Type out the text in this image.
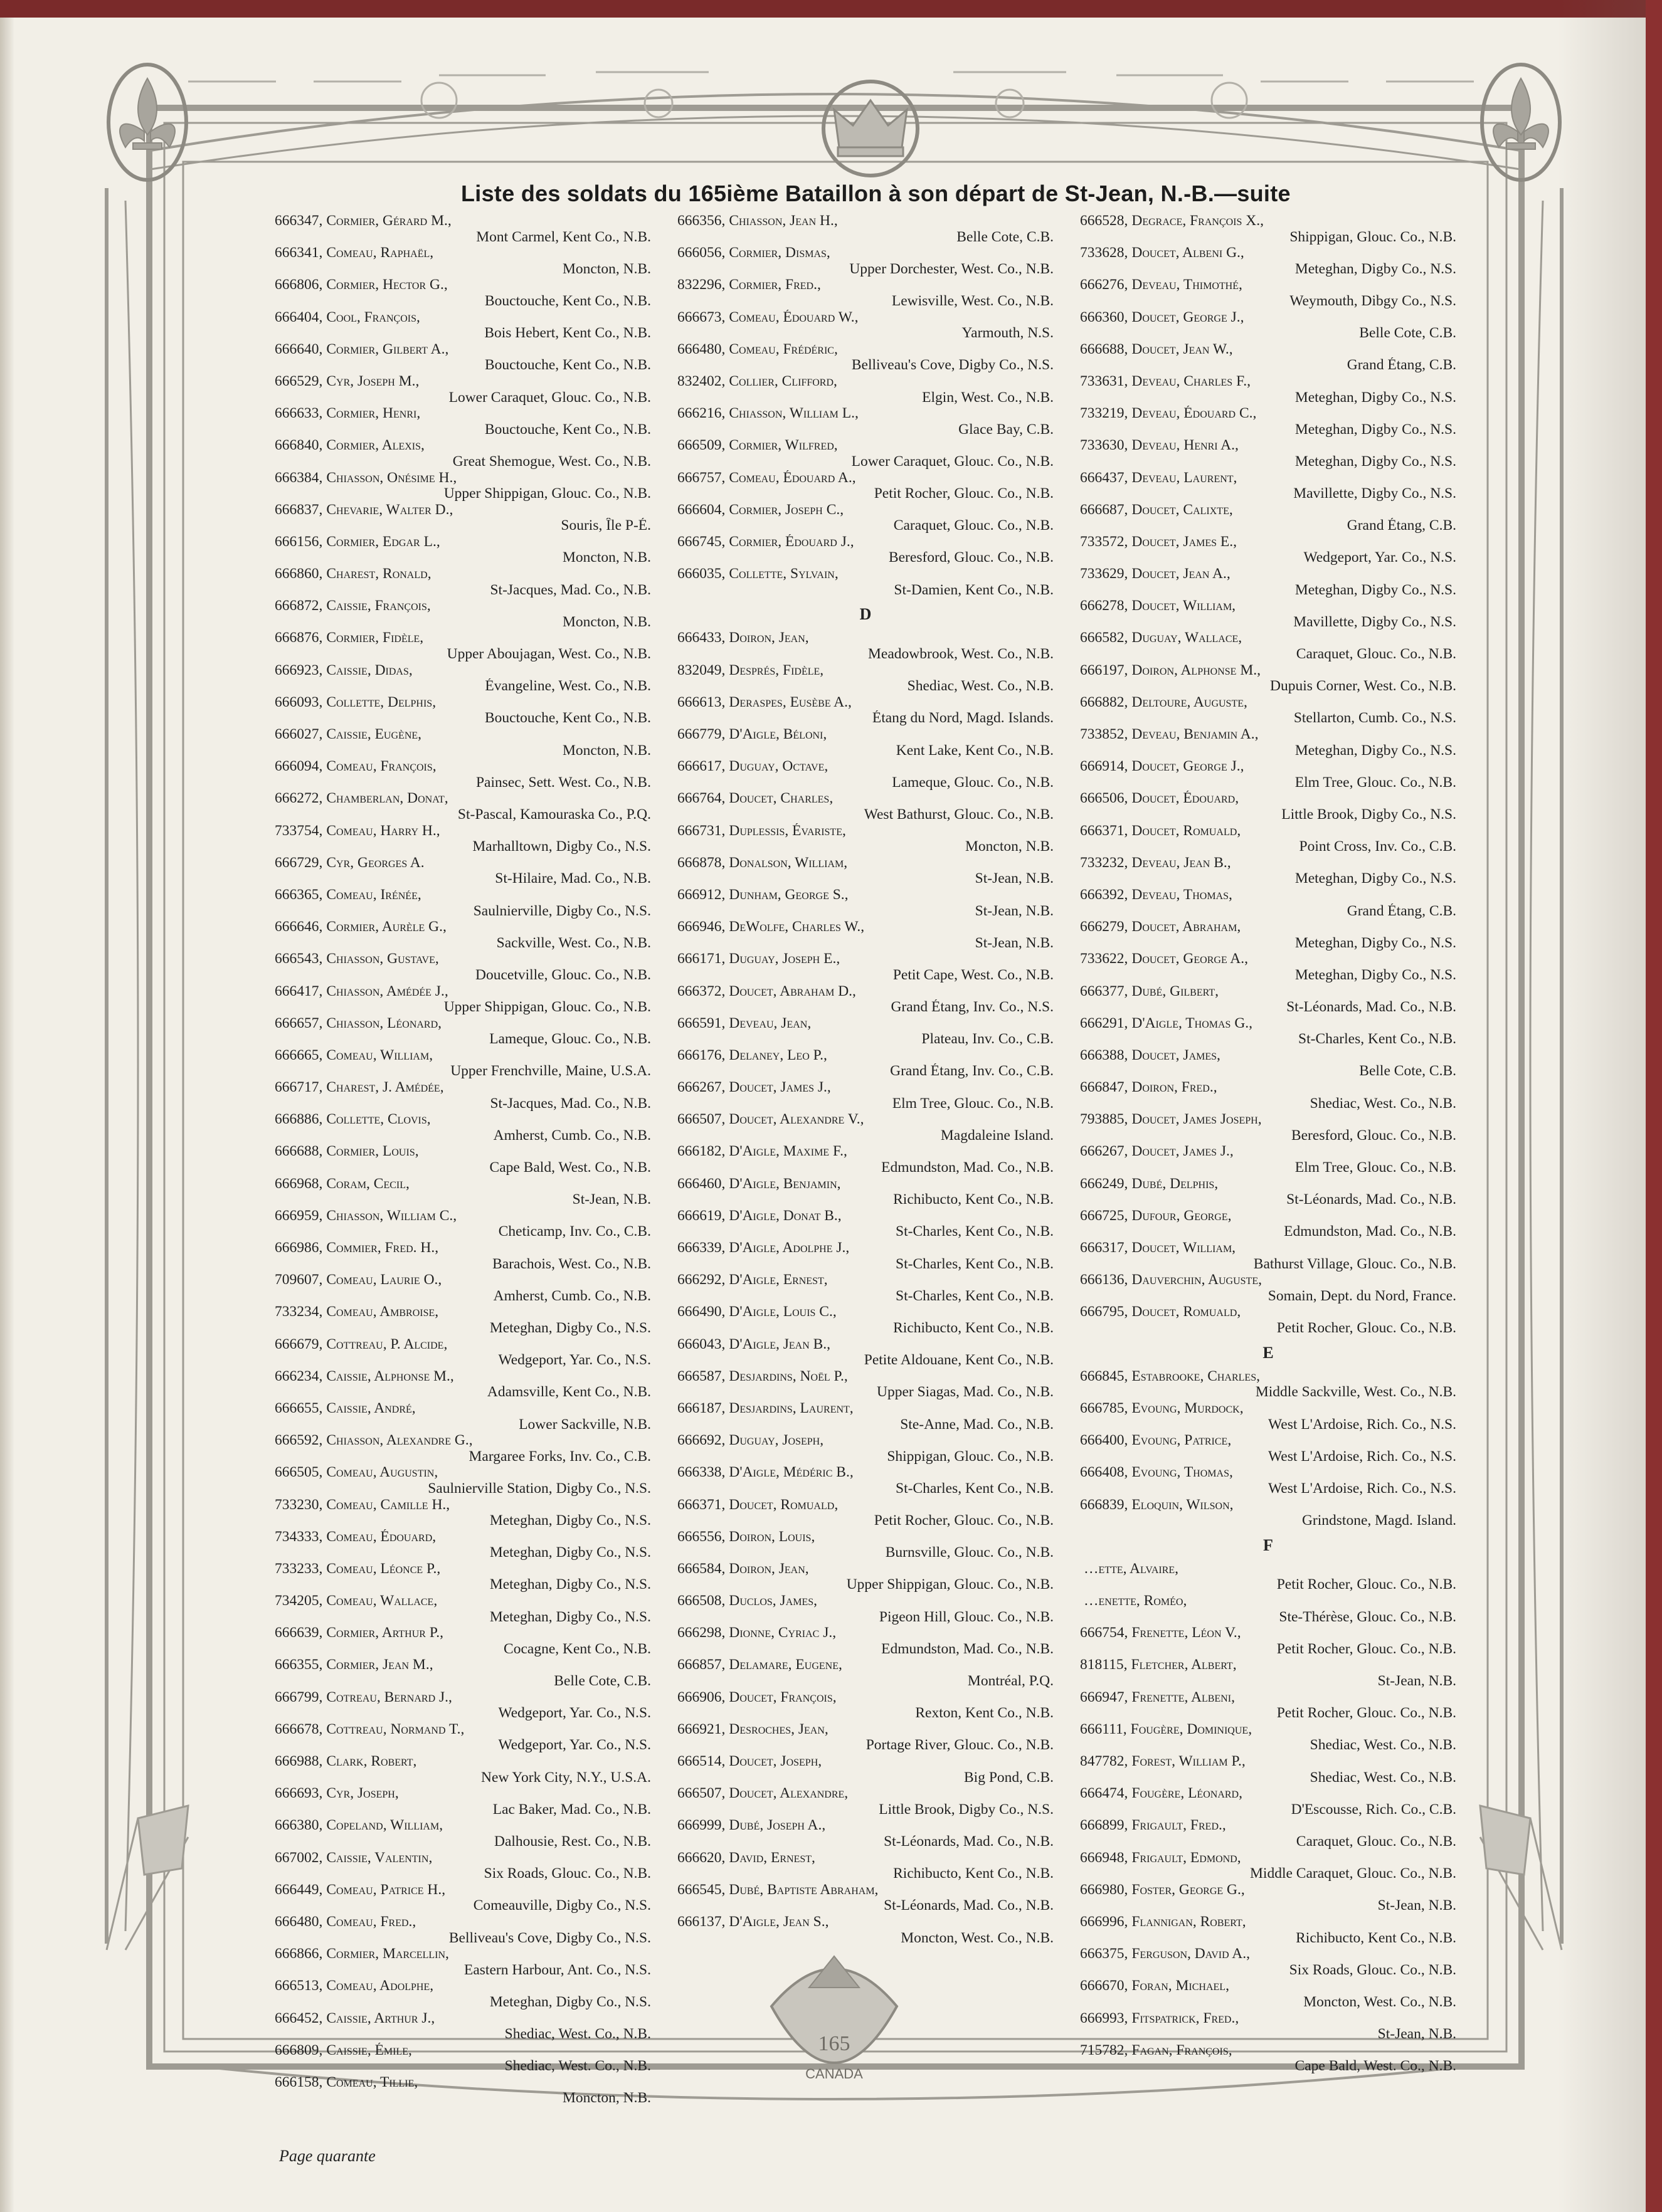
165
CANADA
Liste des soldats du 165ième Bataillon à son départ de St-Jean, N.-B.—suite
666347, Cormier, Gérard M.,
Mont Carmel, Kent Co., N.B.
666341, Comeau, Raphaël,
Moncton, N.B.
666806, Cormier, Hector G.,
Bouctouche, Kent Co., N.B.
666404, Cool, François,
Bois Hebert, Kent Co., N.B.
666640, Cormier, Gilbert A.,
Bouctouche, Kent Co., N.B.
666529, Cyr, Joseph M.,
Lower Caraquet, Glouc. Co., N.B.
666633, Cormier, Henri,
Bouctouche, Kent Co., N.B.
666840, Cormier, Alexis,
Great Shemogue, West. Co., N.B.
666384, Chiasson, Onésime H.,
Upper Shippigan, Glouc. Co., N.B.
666837, Chevarie, Walter D.,
Souris, Île P-É.
666156, Cormier, Edgar L.,
Moncton, N.B.
666860, Charest, Ronald,
St-Jacques, Mad. Co., N.B.
666872, Caissie, François,
Moncton, N.B.
666876, Cormier, Fidèle,
Upper Aboujagan, West. Co., N.B.
666923, Caissie, Didas,
Évangeline, West. Co., N.B.
666093, Collette, Delphis,
Bouctouche, Kent Co., N.B.
666027, Caissie, Eugène,
Moncton, N.B.
666094, Comeau, François,
Painsec, Sett. West. Co., N.B.
666272, Chamberlan, Donat,
St-Pascal, Kamouraska Co., P.Q.
733754, Comeau, Harry H.,
Marhalltown, Digby Co., N.S.
666729, Cyr, Georges A.
St-Hilaire, Mad. Co., N.B.
666365, Comeau, Irénée,
Saulnierville, Digby Co., N.S.
666646, Cormier, Aurèle G.,
Sackville, West. Co., N.B.
666543, Chiasson, Gustave,
Doucetville, Glouc. Co., N.B.
666417, Chiasson, Amédée J.,
Upper Shippigan, Glouc. Co., N.B.
666657, Chiasson, Léonard,
Lameque, Glouc. Co., N.B.
666665, Comeau, William,
Upper Frenchville, Maine, U.S.A.
666717, Charest, J. Amédée,
St-Jacques, Mad. Co., N.B.
666886, Collette, Clovis,
Amherst, Cumb. Co., N.B.
666688, Cormier, Louis,
Cape Bald, West. Co., N.B.
666968, Coram, Cecil,
St-Jean, N.B.
666959, Chiasson, William C.,
Cheticamp, Inv. Co., C.B.
666986, Commier, Fred. H.,
Barachois, West. Co., N.B.
709607, Comeau, Laurie O.,
Amherst, Cumb. Co., N.B.
733234, Comeau, Ambroise,
Meteghan, Digby Co., N.S.
666679, Cottreau, P. Alcide,
Wedgeport, Yar. Co., N.S.
666234, Caissie, Alphonse M.,
Adamsville, Kent Co., N.B.
666655, Caissie, André,
Lower Sackville, N.B.
666592, Chiasson, Alexandre G.,
Margaree Forks, Inv. Co., C.B.
666505, Comeau, Augustin,
Saulnierville Station, Digby Co., N.S.
733230, Comeau, Camille H.,
Meteghan, Digby Co., N.S.
734333, Comeau, Édouard,
Meteghan, Digby Co., N.S.
733233, Comeau, Léonce P.,
Meteghan, Digby Co., N.S.
734205, Comeau, Wallace,
Meteghan, Digby Co., N.S.
666639, Cormier, Arthur P.,
Cocagne, Kent Co., N.B.
666355, Cormier, Jean M.,
Belle Cote, C.B.
666799, Cotreau, Bernard J.,
Wedgeport, Yar. Co., N.S.
666678, Cottreau, Normand T.,
Wedgeport, Yar. Co., N.S.
666988, Clark, Robert,
New York City, N.Y., U.S.A.
666693, Cyr, Joseph,
Lac Baker, Mad. Co., N.B.
666380, Copeland, William,
Dalhousie, Rest. Co., N.B.
667002, Caissie, Valentin,
Six Roads, Glouc. Co., N.B.
666449, Comeau, Patrice H.,
Comeauville, Digby Co., N.S.
666480, Comeau, Fred.,
Belliveau's Cove, Digby Co., N.S.
666866, Cormier, Marcellin,
Eastern Harbour, Ant. Co., N.S.
666513, Comeau, Adolphe,
Meteghan, Digby Co., N.S.
666452, Caissie, Arthur J.,
Shediac, West. Co., N.B.
666809, Caissie, Émile,
Shediac, West. Co., N.B.
666158, Comeau, Tillie,
Moncton, N.B.
666356, Chiasson, Jean H.,
Belle Cote, C.B.
666056, Cormier, Dismas,
Upper Dorchester, West. Co., N.B.
832296, Cormier, Fred.,
Lewisville, West. Co., N.B.
666673, Comeau, Édouard W.,
Yarmouth, N.S.
666480, Comeau, Frédéric,
Belliveau's Cove, Digby Co., N.S.
832402, Collier, Clifford,
Elgin, West. Co., N.B.
666216, Chiasson, William L.,
Glace Bay, C.B.
666509, Cormier, Wilfred,
Lower Caraquet, Glouc. Co., N.B.
666757, Comeau, Édouard A.,
Petit Rocher, Glouc. Co., N.B.
666604, Cormier, Joseph C.,
Caraquet, Glouc. Co., N.B.
666745, Cormier, Édouard J.,
Beresford, Glouc. Co., N.B.
666035, Collette, Sylvain,
St-Damien, Kent Co., N.B.
D
666433, Doiron, Jean,
Meadowbrook, West. Co., N.B.
832049, Després, Fidèle,
Shediac, West. Co., N.B.
666613, Deraspes, Eusèbe A.,
Étang du Nord, Magd. Islands.
666779, D'Aigle, Béloni,
Kent Lake, Kent Co., N.B.
666617, Duguay, Octave,
Lameque, Glouc. Co., N.B.
666764, Doucet, Charles,
West Bathurst, Glouc. Co., N.B.
666731, Duplessis, Évariste,
Moncton, N.B.
666878, Donalson, William,
St-Jean, N.B.
666912, Dunham, George S.,
St-Jean, N.B.
666946, DeWolfe, Charles W.,
St-Jean, N.B.
666171, Duguay, Joseph E.,
Petit Cape, West. Co., N.B.
666372, Doucet, Abraham D.,
Grand Étang, Inv. Co., N.S.
666591, Deveau, Jean,
Plateau, Inv. Co., C.B.
666176, Delaney, Leo P.,
Grand Étang, Inv. Co., C.B.
666267, Doucet, James J.,
Elm Tree, Glouc. Co., N.B.
666507, Doucet, Alexandre V.,
Magdaleine Island.
666182, D'Aigle, Maxime F.,
Edmundston, Mad. Co., N.B.
666460, D'Aigle, Benjamin,
Richibucto, Kent Co., N.B.
666619, D'Aigle, Donat B.,
St-Charles, Kent Co., N.B.
666339, D'Aigle, Adolphe J.,
St-Charles, Kent Co., N.B.
666292, D'Aigle, Ernest,
St-Charles, Kent Co., N.B.
666490, D'Aigle, Louis C.,
Richibucto, Kent Co., N.B.
666043, D'Aigle, Jean B.,
Petite Aldouane, Kent Co., N.B.
666587, Desjardins, Noël P.,
Upper Siagas, Mad. Co., N.B.
666187, Desjardins, Laurent,
Ste-Anne, Mad. Co., N.B.
666692, Duguay, Joseph,
Shippigan, Glouc. Co., N.B.
666338, D'Aigle, Médéric B.,
St-Charles, Kent Co., N.B.
666371, Doucet, Romuald,
Petit Rocher, Glouc. Co., N.B.
666556, Doiron, Louis,
Burnsville, Glouc. Co., N.B.
666584, Doiron, Jean,
Upper Shippigan, Glouc. Co., N.B.
666508, Duclos, James,
Pigeon Hill, Glouc. Co., N.B.
666298, Dionne, Cyriac J.,
Edmundston, Mad. Co., N.B.
666857, Delamare, Eugene,
Montréal, P.Q.
666906, Doucet, François,
Rexton, Kent Co., N.B.
666921, Desroches, Jean,
Portage River, Glouc. Co., N.B.
666514, Doucet, Joseph,
Big Pond, C.B.
666507, Doucet, Alexandre,
Little Brook, Digby Co., N.S.
666999, Dubé, Joseph A.,
St-Léonards, Mad. Co., N.B.
666620, David, Ernest,
Richibucto, Kent Co., N.B.
666545, Dubé, Baptiste Abraham,
St-Léonards, Mad. Co., N.B.
666137, D'Aigle, Jean S.,
Moncton, West. Co., N.B.
666528, Degrace, François X.,
Shippigan, Glouc. Co., N.B.
733628, Doucet, Albeni G.,
Meteghan, Digby Co., N.S.
666276, Deveau, Thimothé,
Weymouth, Dibgy Co., N.S.
666360, Doucet, George J.,
Belle Cote, C.B.
666688, Doucet, Jean W.,
Grand Étang, C.B.
733631, Deveau, Charles F.,
Meteghan, Digby Co., N.S.
733219, Deveau, Édouard C.,
Meteghan, Digby Co., N.S.
733630, Deveau, Henri A.,
Meteghan, Digby Co., N.S.
666437, Deveau, Laurent,
Mavillette, Digby Co., N.S.
666687, Doucet, Calixte,
Grand Étang, C.B.
733572, Doucet, James E.,
Wedgeport, Yar. Co., N.S.
733629, Doucet, Jean A.,
Meteghan, Digby Co., N.S.
666278, Doucet, William,
Mavillette, Digby Co., N.S.
666582, Duguay, Wallace,
Caraquet, Glouc. Co., N.B.
666197, Doiron, Alphonse M.,
Dupuis Corner, West. Co., N.B.
666882, Deltoure, Auguste,
Stellarton, Cumb. Co., N.S.
733852, Deveau, Benjamin A.,
Meteghan, Digby Co., N.S.
666914, Doucet, George J.,
Elm Tree, Glouc. Co., N.B.
666506, Doucet, Édouard,
Little Brook, Digby Co., N.S.
666371, Doucet, Romuald,
Point Cross, Inv. Co., C.B.
733232, Deveau, Jean B.,
Meteghan, Digby Co., N.S.
666392, Deveau, Thomas,
Grand Étang, C.B.
666279, Doucet, Abraham,
Meteghan, Digby Co., N.S.
733622, Doucet, George A.,
Meteghan, Digby Co., N.S.
666377, Dubé, Gilbert,
St-Léonards, Mad. Co., N.B.
666291, D'Aigle, Thomas G.,
St-Charles, Kent Co., N.B.
666388, Doucet, James,
Belle Cote, C.B.
666847, Doiron, Fred.,
Shediac, West. Co., N.B.
793885, Doucet, James Joseph,
Beresford, Glouc. Co., N.B.
666267, Doucet, James J.,
Elm Tree, Glouc. Co., N.B.
666249, Dubé, Delphis,
St-Léonards, Mad. Co., N.B.
666725, Dufour, George,
Edmundston, Mad. Co., N.B.
666317, Doucet, William,
Bathurst Village, Glouc. Co., N.B.
666136, Dauverchin, Auguste,
Somain, Dept. du Nord, France.
666795, Doucet, Romuald,
Petit Rocher, Glouc. Co., N.B.
E
666845, Estabrooke, Charles,
Middle Sackville, West. Co., N.B.
666785, Evoung, Murdock,
West L'Ardoise, Rich. Co., N.S.
666400, Evoung, Patrice,
West L'Ardoise, Rich. Co., N.S.
666408, Evoung, Thomas,
West L'Ardoise, Rich. Co., N.S.
666839, Eloquin, Wilson,
Grindstone, Magd. Island.
F
…ette, Alvaire,
Petit Rocher, Glouc. Co., N.B.
…enette, Roméo,
Ste-Thérèse, Glouc. Co., N.B.
666754, Frenette, Léon V.,
Petit Rocher, Glouc. Co., N.B.
818115, Fletcher, Albert,
St-Jean, N.B.
666947, Frenette, Albeni,
Petit Rocher, Glouc. Co., N.B.
666111, Fougère, Dominique,
Shediac, West. Co., N.B.
847782, Forest, William P.,
Shediac, West. Co., N.B.
666474, Fougère, Léonard,
D'Escousse, Rich. Co., C.B.
666899, Frigault, Fred.,
Caraquet, Glouc. Co., N.B.
666948, Frigault, Edmond,
Middle Caraquet, Glouc. Co., N.B.
666980, Foster, George G.,
St-Jean, N.B.
666996, Flannigan, Robert,
Richibucto, Kent Co., N.B.
666375, Ferguson, David A.,
Six Roads, Glouc. Co., N.B.
666670, Foran, Michael,
Moncton, West. Co., N.B.
666993, Fitspatrick, Fred.,
St-Jean, N.B.
715782, Fagan, François,
Cape Bald, West. Co., N.B.
Page quarante
